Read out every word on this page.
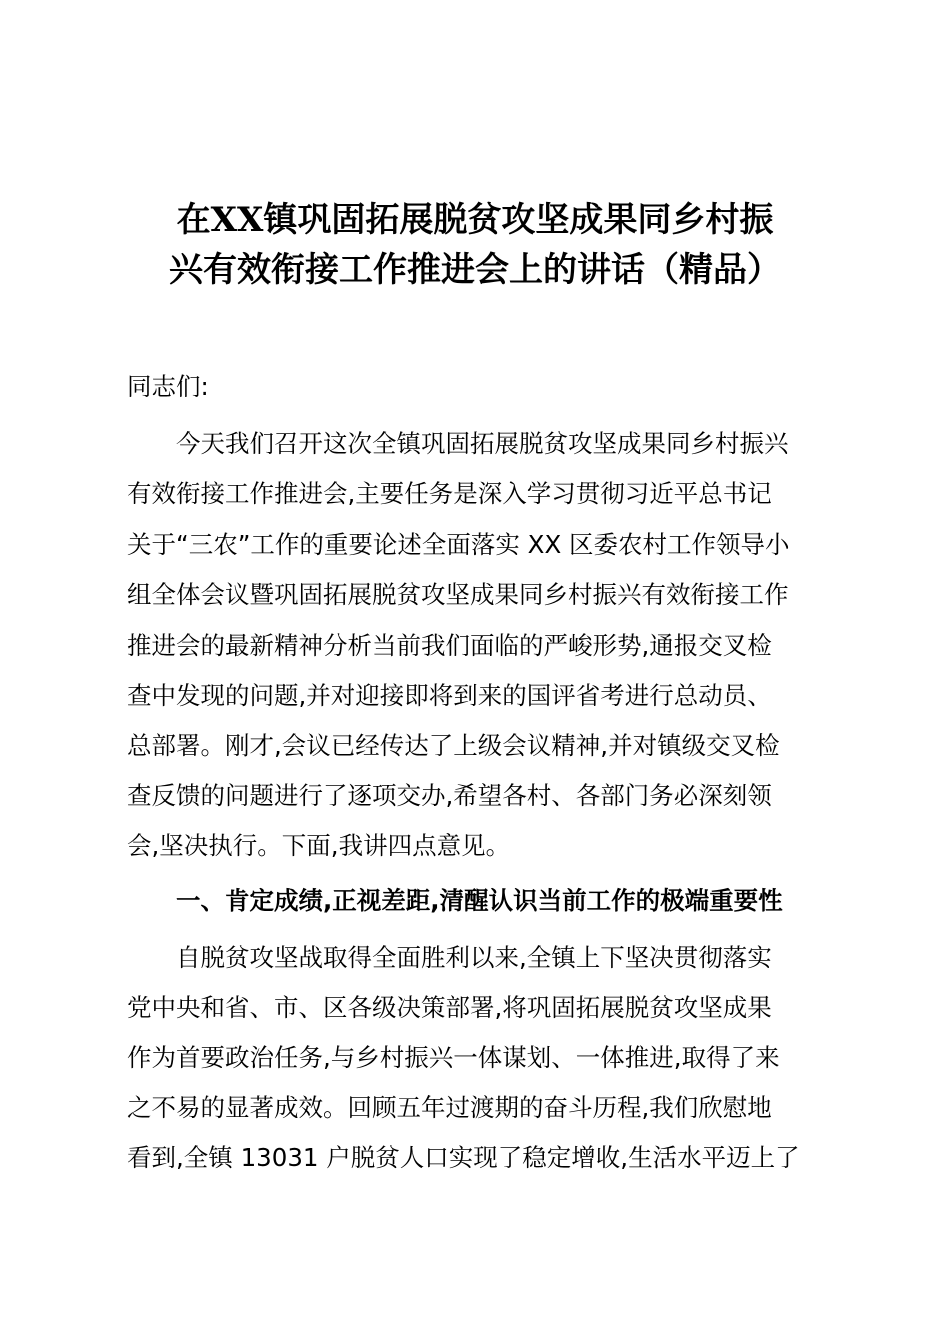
在XX镇巩固拓展脱贫攻坚成果同乡村振
兴有效衔接工作推进会上的讲话（精品）
同志们:
今天我们召开这次全镇巩固拓展脱贫攻坚成果同乡村振兴
有效衔接工作推进会,主要任务是深入学习贯彻习近平总书记
关于“三农”工作的重要论述全面落实 XX 区委农村工作领导小
组全体会议暨巩固拓展脱贫攻坚成果同乡村振兴有效衔接工作
推进会的最新精神分析当前我们面临的严峻形势,通报交叉检
查中发现的问题,并对迎接即将到来的国评省考进行总动员、
总部署。刚才,会议已经传达了上级会议精神,并对镇级交叉检
查反馈的问题进行了逐项交办,希望各村、各部门务必深刻领
会,坚决执行。下面,我讲四点意见。
一、肯定成绩,正视差距,清醒认识当前工作的极端重要性
自脱贫攻坚战取得全面胜利以来,全镇上下坚决贯彻落实
党中央和省、市、区各级决策部署,将巩固拓展脱贫攻坚成果
作为首要政治任务,与乡村振兴一体谋划、一体推进,取得了来
之不易的显著成效。回顾五年过渡期的奋斗历程,我们欣慰地
看到,全镇 13031 户脱贫人口实现了稳定增收,生活水平迈上了
